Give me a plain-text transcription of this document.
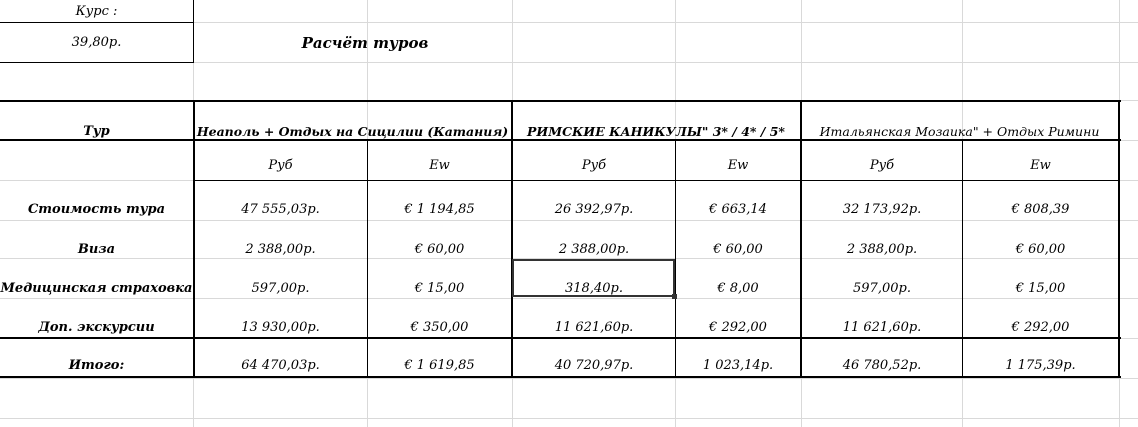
Курс :
39,80р.	Расчёт туров
Тур	Неаполь + Отдых на Сицилии (Катания)	РИМСКИЕ КАНИКУЛЫ" 3* / 4* / 5*	Итальянская Мозаика" + Отдых Римини
Руб	Еw	Руб	Еw	Руб	Еw
Стоимость тура	47 555,03р.	€ 1 194,85	26 392,97р.	€ 663,14	32 173,92р.	€ 808,39
Виза	2 388,00р.	€ 60,00	2 388,00р.	€ 60,00	2 388,00р.	€ 60,00
Медицинская страховка	597,00р.	€ 15,00	318,40р.	€ 8,00	597,00р.	€ 15,00
Доп. экскурсии	13 930,00р.	€ 350,00	11 621,60р.	€ 292,00	11 621,60р.	€ 292,00
Итого:	64 470,03р.	€ 1 619,85	40 720,97р.	1 023,14р.	46 780,52р.	1 175,39р.
